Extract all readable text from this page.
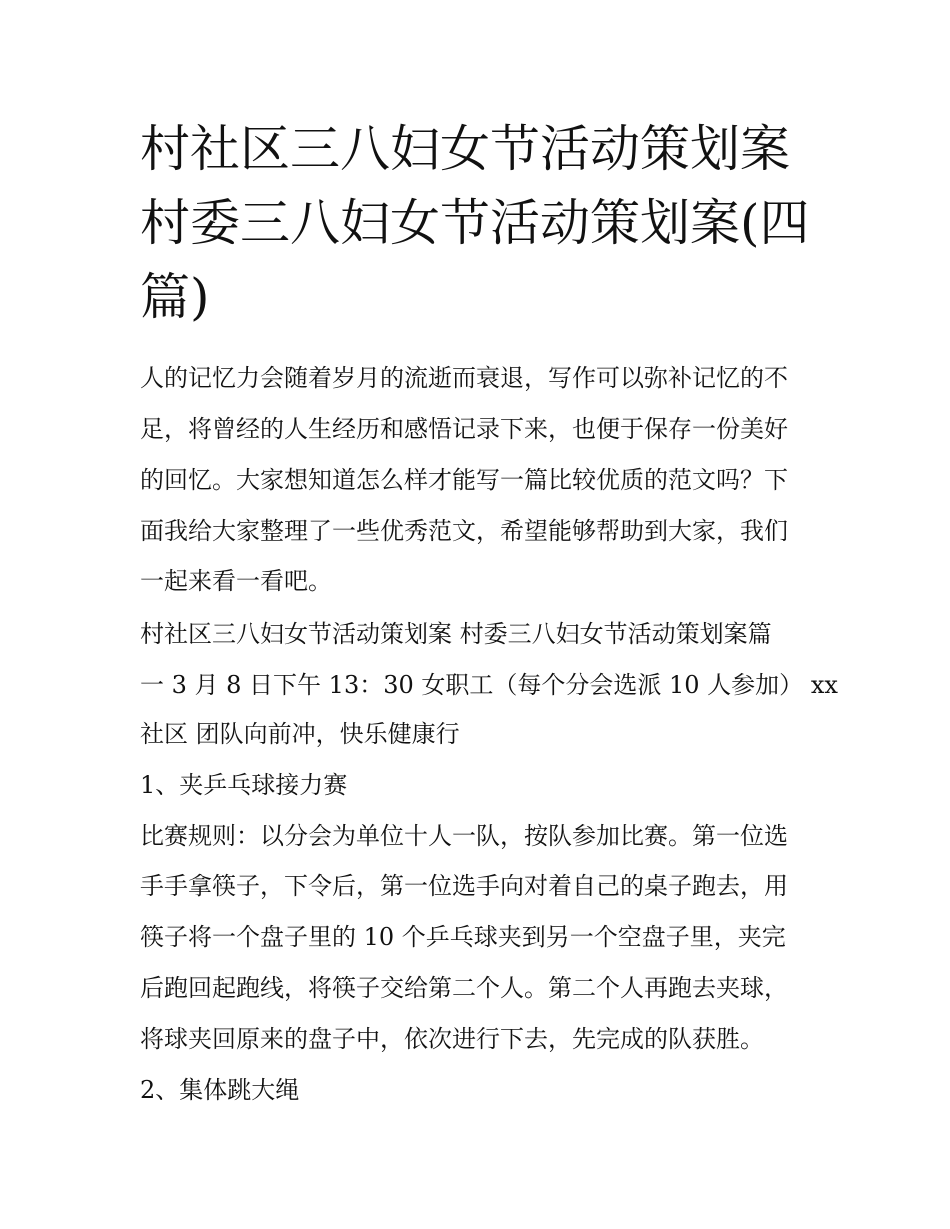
村社区三八妇女节活动策划案
村委三八妇女节活动策划案(四
篇)

人的记忆力会随着岁月的流逝而衰退，写作可以弥补记忆的不

足，将曾经的人生经历和感悟记录下来，也便于保存一份美好

的回忆。大家想知道怎么样才能写一篇比较优质的范文吗？下

面我给大家整理了一些优秀范文，希望能够帮助到大家，我们

一起来看一看吧。

村社区三八妇女节活动策划案 村委三八妇女节活动策划案篇

一 3 月 8 日下午 13：30 女职工（每个分会选派 10 人参加） xx

社区 团队向前冲，快乐健康行

1、夹乒乓球接力赛

比赛规则：以分会为单位十人一队，按队参加比赛。第一位选

手手拿筷子，下令后，第一位选手向对着自己的桌子跑去，用

筷子将一个盘子里的 10 个乒乓球夹到另一个空盘子里，夹完

后跑回起跑线，将筷子交给第二个人。第二个人再跑去夹球，

将球夹回原来的盘子中，依次进行下去，先完成的队获胜。

2、集体跳大绳
